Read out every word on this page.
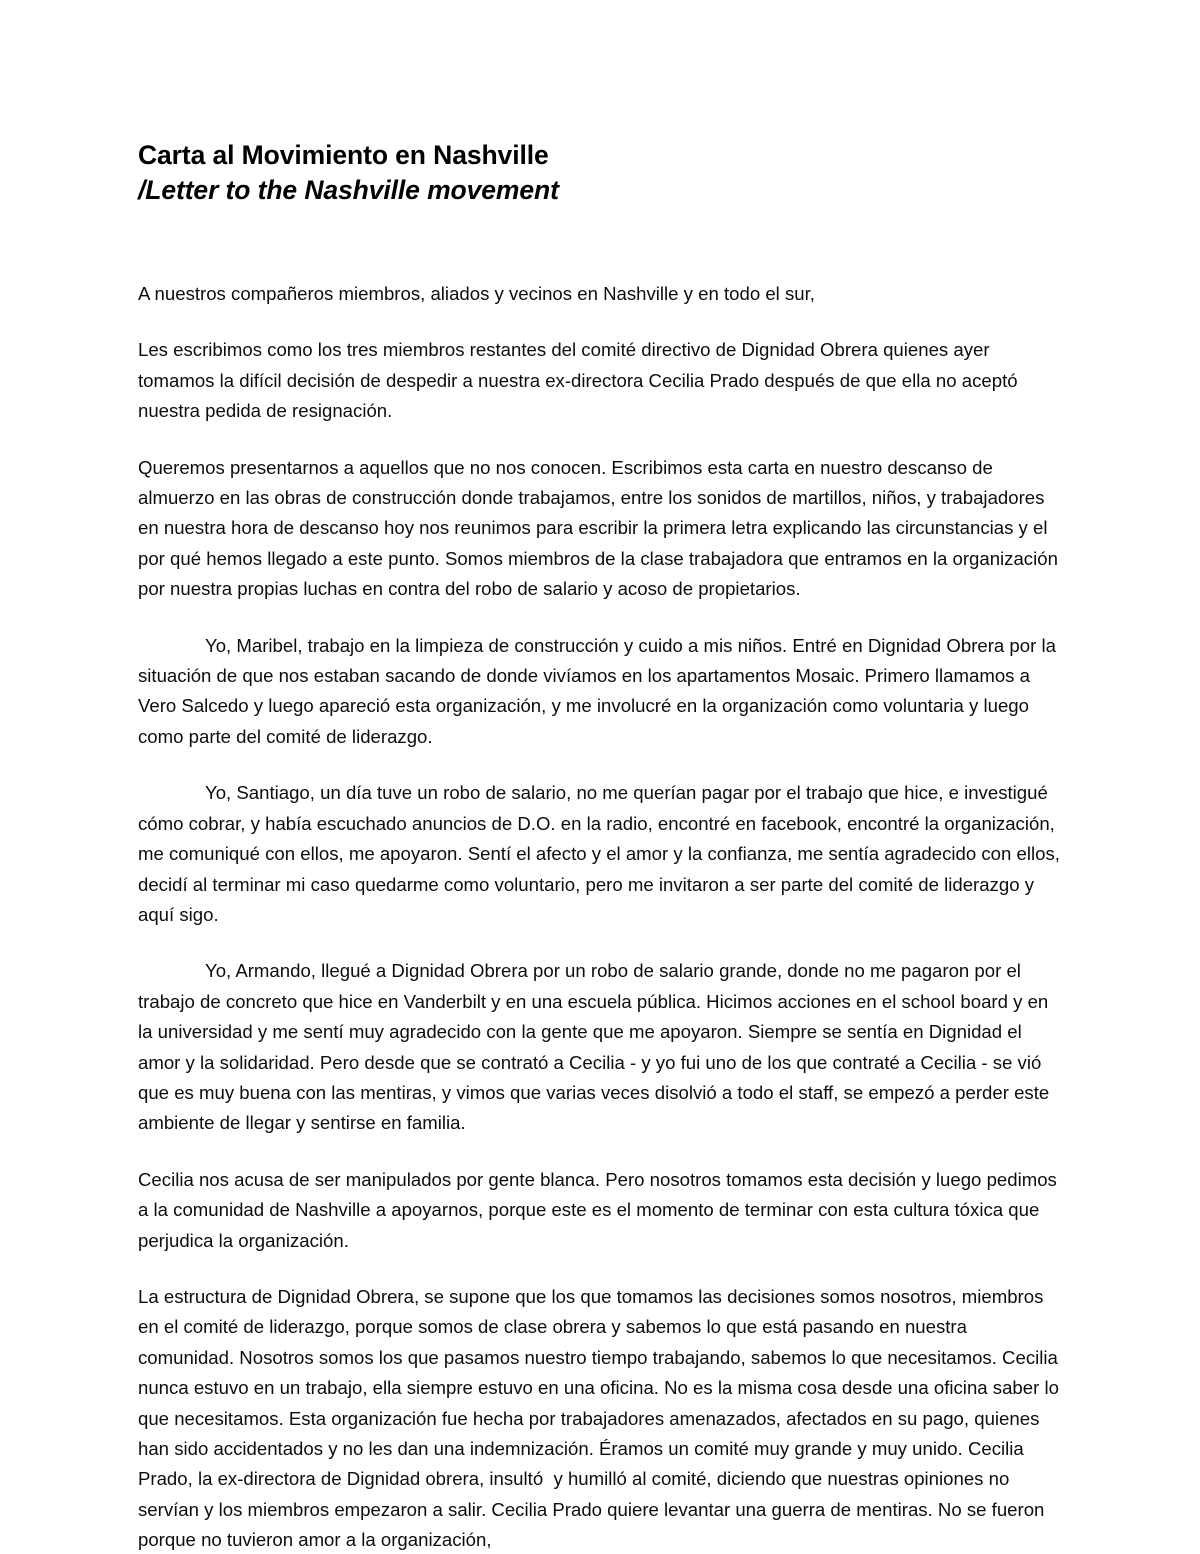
Carta al Movimiento en Nashville
/Letter to the Nashville movement

A nuestros compañeros miembros, aliados y vecinos en Nashville y en todo el sur,

Les escribimos como los tres miembros restantes del comité directivo de Dignidad Obrera quienes ayer tomamos la difícil decisión de despedir a nuestra ex-directora Cecilia Prado después de que ella no aceptó nuestra pedida de resignación.

Queremos presentarnos a aquellos que no nos conocen. Escribimos esta carta en nuestro descanso de almuerzo en las obras de construcción donde trabajamos, entre los sonidos de martillos, niños, y trabajadores en nuestra hora de descanso hoy nos reunimos para escribir la primera letra explicando las circunstancias y el por qué hemos llegado a este punto. Somos miembros de la clase trabajadora que entramos en la organización por nuestra propias luchas en contra del robo de salario y acoso de propietarios.

Yo, Maribel, trabajo en la limpieza de construcción y cuido a mis niños. Entré en Dignidad Obrera por la situación de que nos estaban sacando de donde vivíamos en los apartamentos Mosaic. Primero llamamos a Vero Salcedo y luego apareció esta organización, y me involucré en la organización como voluntaria y luego como parte del comité de liderazgo.

Yo, Santiago, un día tuve un robo de salario, no me querían pagar por el trabajo que hice, e investigué cómo cobrar, y había escuchado anuncios de D.O. en la radio, encontré en facebook, encontré la organización, me comuniqué con ellos, me apoyaron. Sentí el afecto y el amor y la confianza, me sentía agradecido con ellos, decidí al terminar mi caso quedarme como voluntario, pero me invitaron a ser parte del comité de liderazgo y aquí sigo.

Yo, Armando, llegué a Dignidad Obrera por un robo de salario grande, donde no me pagaron por el trabajo de concreto que hice en Vanderbilt y en una escuela pública. Hicimos acciones en el school board y en la universidad y me sentí muy agradecido con la gente que me apoyaron. Siempre se sentía en Dignidad el amor y la solidaridad. Pero desde que se contrató a Cecilia - y yo fui uno de los que contraté a Cecilia - se vió que es muy buena con las mentiras, y vimos que varias veces disolvió a todo el staff, se empezó a perder este ambiente de llegar y sentirse en familia.

Cecilia nos acusa de ser manipulados por gente blanca. Pero nosotros tomamos esta decisión y luego pedimos a la comunidad de Nashville a apoyarnos, porque este es el momento de terminar con esta cultura tóxica que perjudica la organización.

La estructura de Dignidad Obrera, se supone que los que tomamos las decisiones somos nosotros, miembros en el comité de liderazgo, porque somos de clase obrera y sabemos lo que está pasando en nuestra comunidad. Nosotros somos los que pasamos nuestro tiempo trabajando, sabemos lo que necesitamos. Cecilia nunca estuvo en un trabajo, ella siempre estuvo en una oficina. No es la misma cosa desde una oficina saber lo que necesitamos. Esta organización fue hecha por trabajadores amenazados, afectados en su pago, quienes han sido accidentados y no les dan una indemnización. Éramos un comité muy grande y muy unido. Cecilia Prado, la ex-directora de Dignidad obrera, insultó  y humilló al comité, diciendo que nuestras opiniones no servían y los miembros empezaron a salir. Cecilia Prado quiere levantar una guerra de mentiras. No se fueron porque no tuvieron amor a la organización,
